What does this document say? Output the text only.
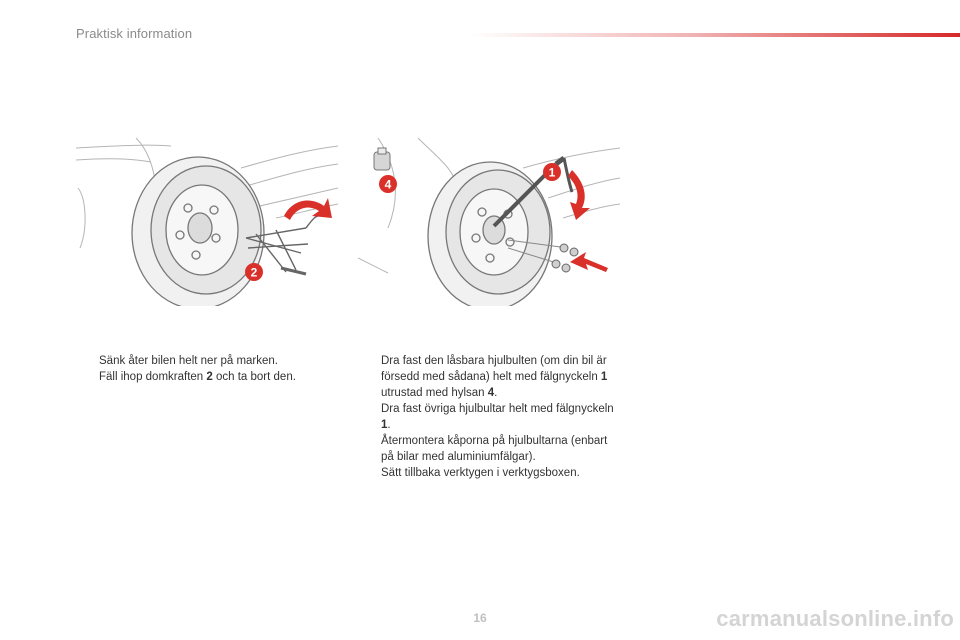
Praktisk information
2
1
4
Sänk åter bilen helt ner på marken.
Fäll ihop domkraften 2 och ta bort den.
Dra fast den låsbara hjulbulten (om din bil är försedd med sådana) helt med fälgnyckeln 1 utrustad med hylsan 4.
Dra fast övriga hjulbultar helt med fälgnyckeln 1.
Återmontera kåporna på hjulbultarna (enbart på bilar med aluminiumfälgar).
Sätt tillbaka verktygen i verktygsboxen.
16	carmanualsonline.info
